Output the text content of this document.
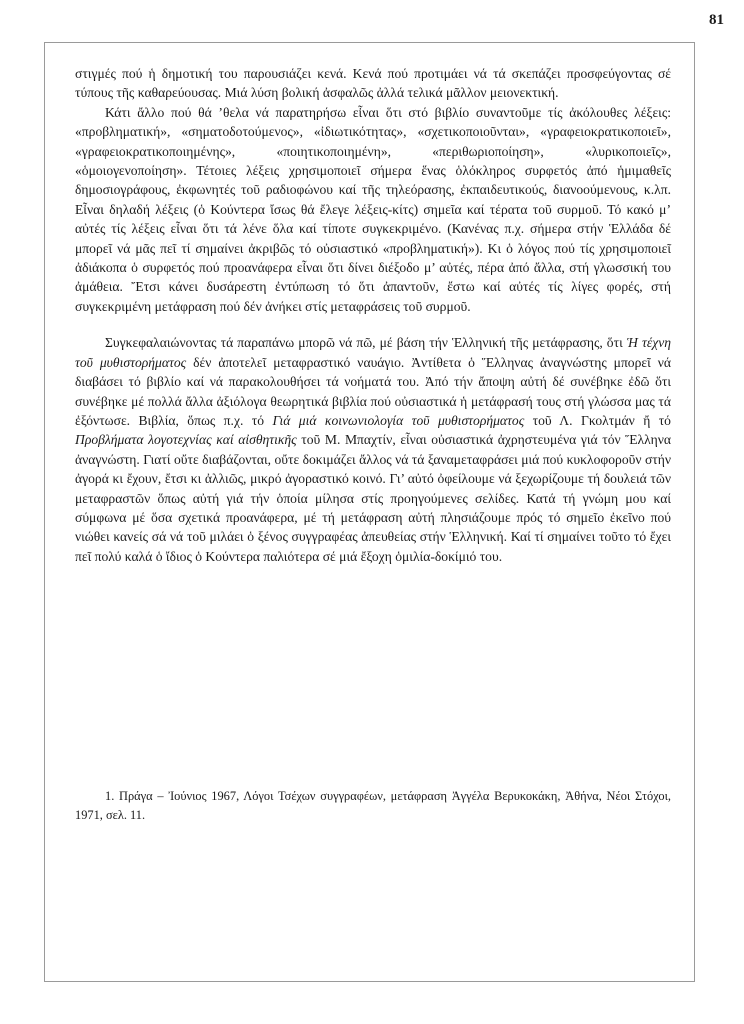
81

στιγμές πού ἡ δημοτική του παρουσιάζει κενά. Κενά πού προτιμάει νά τά σκεπάζει προσφεύγοντας σέ τύπους τῆς καθαρεύουσας. Μιά λύση βολική ἀσφαλῶς ἀλλά τελικά μᾶλλον μειονεκτική.

Κάτι ἄλλο πού θά ’θελα νά παρατηρήσω εἶναι ὅτι στό βιβλίο συναντοῦμε τίς ἀκόλουθες λέξεις: «προβληματική», «σηματοδοτούμενος», «ἰδιωτικότητας», «σχετικοποιοῦνται», «γραφειοκρατικοποιεῖ», «γραφειοκρατικοποιημένης», «ποιητικοποιημένη», «περιθωριοποίηση», «λυρικοποιεῖς», «ὁμοιογενοποίηση». Τέτοιες λέξεις χρησιμοποιεῖ σήμερα ἕνας ὁλόκληρος συρφετός ἀπό ἡμιμαθεῖς δημοσιογράφους, ἐκφωνητές τοῦ ραδιοφώνου καί τῆς τηλεόρασης, ἐκπαιδευτικούς, διανοούμενους, κ.λπ. Εἶναι δηλαδή λέξεις (ὁ Κούντερα ἴσως θά ἔλεγε λέξεις-κίτς) σημεῖα καί τέρατα τοῦ συρμοῦ. Τό κακό μ’ αὐτές τίς λέξεις εἶναι ὅτι τά λένε ὅλα καί τίποτε συγκεκριμένο. (Κανένας π.χ. σήμερα στήν Ἑλλάδα δέ μπορεῖ νά μᾶς πεῖ τί σημαίνει ἀκριβῶς τό οὐσιαστικό «προβληματική»). Κι ὁ λόγος πού τίς χρησιμοποιεῖ ἀδιάκοπα ὁ συρφετός πού προανάφερα εἶναι ὅτι δίνει διέξοδο μ’ αὐτές, πέρα ἀπό ἄλλα, στή γλωσσική του ἀμάθεια. Ἔτσι κάνει δυσάρεστη ἐντύπωση τό ὅτι ἀπαντοῦν, ἔστω καί αὐτές τίς λίγες φορές, στή συγκεκριμένη μετάφραση πού δέν ἀνήκει στίς μεταφράσεις τοῦ συρμοῦ.

Συγκεφαλαιώνοντας τά παραπάνω μπορῶ νά πῶ, μέ βάση τήν Ἑλληνική τῆς μετάφρασης, ὅτι Ἡ τέχνη τοῦ μυθιστορήματος δέν ἀποτελεῖ μεταφραστικό ναυάγιο. Ἀντίθετα ὁ Ἕλληνας ἀναγνώστης μπορεῖ νά διαβάσει τό βιβλίο καί νά παρακολουθήσει τά νοήματά του. Ἀπό τήν ἄποψη αὐτή δέ συνέβηκε ἐδῶ ὅτι συνέβηκε μέ πολλά ἄλλα ἀξιόλογα θεωρητικά βιβλία πού οὐσιαστικά ἡ μετάφρασή τους στή γλώσσα μας τά ἐξόντωσε. Βιβλία, ὅπως π.χ. τό Γιά μιά κοινωνιολογία τοῦ μυθιστορήματος τοῦ Λ. Γκολτμάν ἤ τό Προβλήματα λογοτεχνίας καί αἰσθητικῆς τοῦ Μ. Μπαχτίν, εἶναι οὐσιαστικά ἀχρηστευμένα γιά τόν Ἕλληνα ἀναγνώστη. Γιατί οὔτε διαβάζονται, οὔτε δοκιμάζει ἄλλος νά τά ξαναμεταφράσει μιά πού κυκλοφοροῦν στήν ἀγορά κι ἔχουν, ἔτσι κι ἀλλιῶς, μικρό ἀγοραστικό κοινό. Γι’ αὐτό ὀφείλουμε νά ξεχωρίζουμε τή δουλειά τῶν μεταφραστῶν ὅπως αὐτή γιά τήν ὁποία μίλησα στίς προηγούμενες σελίδες. Κατά τή γνώμη μου καί σύμφωνα μέ ὅσα σχετικά προανάφερα, μέ τή μετάφραση αὐτή πλησιάζουμε πρός τό σημεῖο ἐκεῖνο πού νιώθει κανείς σά νά τοῦ μιλάει ὁ ξένος συγγραφέας ἀπευθείας στήν Ἑλληνική. Καί τί σημαίνει τοῦτο τό ἔχει πεῖ πολύ καλά ὁ ἴδιος ὁ Κούντερα παλιότερα σέ μιά ἔξοχη ὁμιλία-δοκίμιό του.

1. Πράγα – Ἰούνιος 1967, Λόγοι Τσέχων συγγραφέων, μετάφραση Ἀγγέλα Βερυκοκάκη, Ἀθήνα, Νέοι Στόχοι, 1971, σελ. 11.
